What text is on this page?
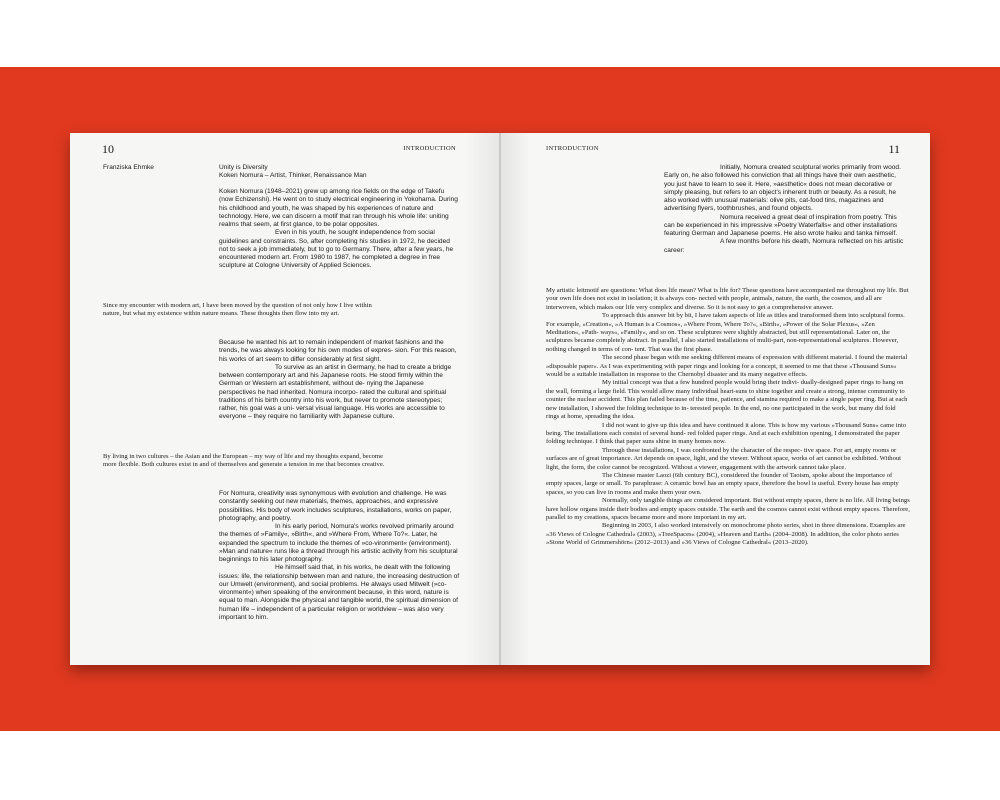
10	INTRODUCTION
Franziska Ehmke	Unity is Diversity

Koken Nomura – Artist, Thinker, Renaissance Man

Koken Nomura (1948–2021) grew up among rice fields on the edge of Takefu (now Echizenshi). He went on to study electrical engineering in Yokohama. During his childhood and youth, he was shaped by his experiences of nature and technology. Here, we can discern a motif that ran through his whole life: uniting realms that seem, at first glance, to be polar opposites.

Even in his youth, he sought independence from social guidelines and constraints. So, after completing his studies in 1972, he decided not to seek a job immediately, but to go to Germany. There, after a few years, he encountered modern art. From 1980 to 1987, he completed a degree in free sculpture at Cologne University of Applied Sciences.

Since my encounter with modern art, I have been moved by the question of not only how I live within nature, but what my existence within nature means. These thoughts then flow into my art.

Because he wanted his art to remain independent of market fashions and the trends, he was always looking for his own modes of expres- sion. For this reason, his works of art seem to differ considerably at first sight.

To survive as an artist in Germany, he had to create a bridge between contemporary art and his Japanese roots. He stood firmly within the German or Western art establishment, without de- nying the Japanese perspectives he had inherited. Nomura incorpo- rated the cultural and spiritual traditions of his birth country into his work, but never to promote stereotypes; rather, his goal was a uni- versal visual language. His works are accessible to everyone – they require no familiarity with Japanese culture.

By living in two cultures – the Asian and the European – my way of life and my thoughts expand, become more flexible. Both cultures exist in and of themselves and generate a tension in me that becomes creative.

For Nomura, creativity was synonymous with evolution and challenge. He was constantly seeking out new materials, themes, approaches, and expressive possibilities. His body of work includes sculptures, installations, works on paper, photography, and poetry.

In his early period, Nomura's works revolved primarily around the themes of »Family«, »Birth«, and »Where From, Where To?«. Later, he expanded the spectrum to include the themes of »co-vironment« (environment). »Man and nature« runs like a thread through his artistic activity from his sculptural beginnings to his later photography.

He himself said that, in his works, he dealt with the following issues: life, the relationship between man and nature, the increasing destruction of our Umwelt (environment), and social problems. He always used Mitwelt (»co-vironment«) when speaking of the environment because, in this word, nature is equal to man. Alongside the physical and tangible world, the spiritual dimension of human life – independent of a particular religion or worldview – was also very important to him.

11
INTRODUCTION

Initially, Nomura created sculptural works primarily from wood. Early on, he also followed his conviction that all things have their own aesthetic, you just have to learn to see it. Here, »aesthetic« does not mean decorative or simply pleasing, but refers to an object's inherent truth or beauty. As a result, he also worked with unusual materials: olive pits, cat-food tins, magazines and advertising flyers, toothbrushes, and found objects.

Nomura received a great deal of inspiration from poetry. This can be experienced in his impressive »Poetry Waterfalls« and other installations featuring German and Japanese poems. He also wrote haiku and tanka himself.

A few months before his death, Nomura reflected on his artistic career:

My artistic leitmotif are questions: What does life mean? What is life for? These questions have accompanied me throughout my life. But your own life does not exist in isolation; it is always con- nected with people, animals, nature, the earth, the cosmos, and all are interwoven, which makes our life very complex and diverse. So it is not easy to get a comprehensive answer.

To approach this answer bit by bit, I have taken aspects of life as titles and transformed them into sculptural forms. For example, »Creation«, »A Human is a Cosmos«, »Where From, Where To?«, »Birth«, »Power of the Solar Plexus«, »Zen Meditation«, »Path- ways«, »Family«, and so on. These sculptures were slightly abstracted, but still representational. Later on, the sculptures became completely abstract. In parallel, I also started installations of multi-part, non-representational sculptures. However, nothing changed in terms of con- tent. That was the first phase.

The second phase began with me seeking different means of expression with different material. I found the material »disposable paper«. As I was experimenting with paper rings and looking for a concept, it seemed to me that these »Thousand Suns« would be a suitable installation in response to the Chernobyl disaster and its many negative effects.

My initial concept was that a few hundred people would bring their indivi- dually-designed paper rings to hang on the wall, forming a large field. This would allow many individual heart-suns to shine together and create a strong, intense community to counter the nuclear accident. This plan failed because of the time, patience, and stamina required to make a single paper ring. But at each new installation, I showed the folding technique to in- terested people. In the end, no one participated in the work, but many did fold rings at home, spreading the idea.

I did not want to give up this idea and have continued it alone. This is how my various »Thousand Suns« came into being. The installations each consist of several hund- red folded paper rings. And at each exhibition opening, I demonstrated the paper folding technique. I think that paper suns shine in many homes now.

Through these installations, I was confronted by the character of the respec- tive space. For art, empty rooms or surfaces are of great importance. Art depends on space, light, and the viewer. Without space, works of art cannot be exhibited. Without light, the form, the color cannot be recognized. Without a viewer, engagement with the artwork cannot take place.

The Chinese master Laozi (6th century BC), considered the founder of Taoism, spoke about the importance of empty spaces, large or small. To paraphrase: A ceramic bowl has an empty space, therefore the bowl is useful. Every house has empty spaces, so you can live in rooms and make them your own.

Normally, only tangible things are considered important. But without empty spaces, there is no life. All living beings have hollow organs inside their bodies and empty spaces outside. The earth and the cosmos cannot exist without empty spaces. Therefore, parallel to my creations, spaces became more and more important in my art.

Beginning in 2003, I also worked intensively on monochrome photo series, shot in three dimensions. Examples are »36 Views of Cologne Cathedral« (2003), »TreeSpaces« (2004), »Heaven and Earth« (2004–2008). In addition, the color photo series »Stone World of Grimmershörn« (2012–2013) and »36 Views of Cologne Cathedral« (2013–2020).
